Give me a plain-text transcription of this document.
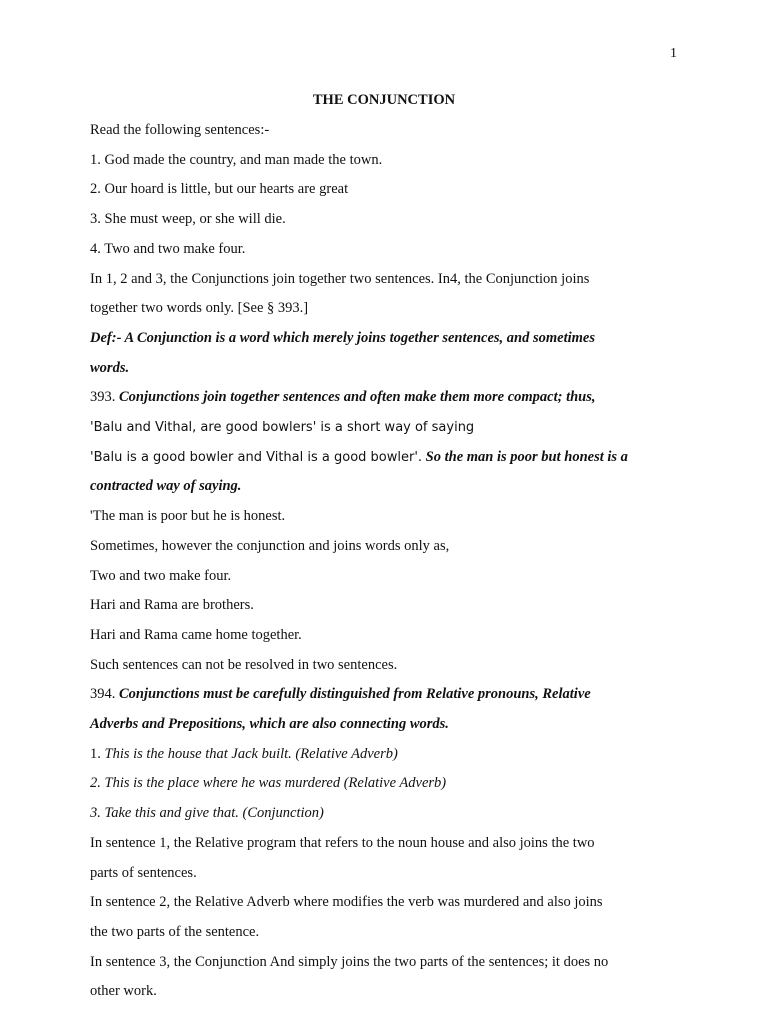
1
THE CONJUNCTION

Read the following sentences:-

1. God made the country, and man made the town.

2. Our hoard is little, but our hearts are great

3. She must weep, or she will die.

4. Two and two make four.

In 1, 2 and 3, the Conjunctions join together two sentences. In4, the Conjunction joins

together two words only. [See § 393.]

Def:- A Conjunction is a word which merely joins together sentences, and sometimes

words.

393. Conjunctions join together sentences and often make them more compact; thus,

'Balu and Vithal, are good bowlers' is a short way of saying

'Balu is a good bowler and Vithal is a good bowler'. So the man is poor but honest is a

contracted way of saying.

'The man is poor but he is honest.

Sometimes, however the conjunction and joins words only as,

Two and two make four.

Hari and Rama are brothers.

Hari and Rama came home together.

Such sentences can not be resolved in two sentences.

394. Conjunctions must be carefully distinguished from Relative pronouns, Relative

Adverbs and Prepositions, which are also connecting words.

1. This is the house that Jack built. (Relative Adverb)

2. This is the place where he was murdered (Relative Adverb)

3. Take this and give that. (Conjunction)

In sentence 1, the Relative program that refers to the noun house and also joins the two

parts of sentences.

In sentence 2, the Relative Adverb where modifies the verb was murdered and also joins

the two parts of the sentence.

In sentence 3, the Conjunction And simply joins the two parts of the sentences; it does no

other work.
